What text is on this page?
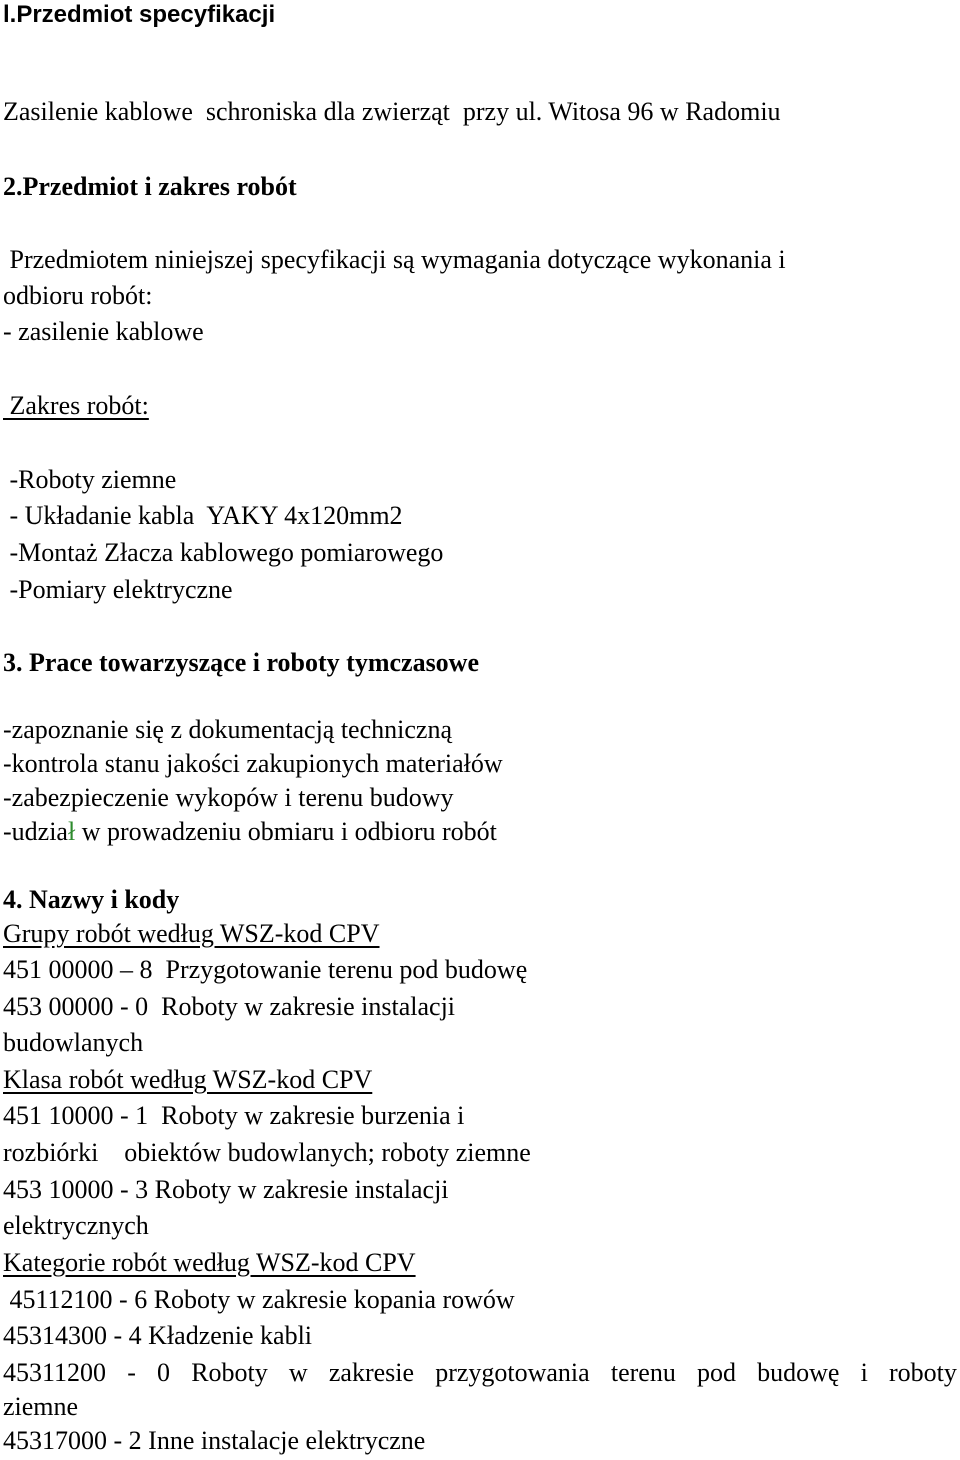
l.Przedmiot specyfikacji
Zasilenie kablowe  schroniska dla zwierząt  przy ul. Witosa 96 w Radomiu
2.Przedmiot i zakres robót
Przedmiotem niniejszej specyfikacji są wymagania dotyczące wykonania i
odbioru robót:
- zasilenie kablowe
Zakres robót:
-Roboty ziemne
- Układanie kabla  YAKY 4x120mm2
-Montaż Złacza kablowego pomiarowego
-Pomiary elektryczne
3. Prace towarzyszące i roboty tymczasowe
-zapoznanie się z dokumentacją techniczną
-kontrola stanu jakości zakupionych materiałów
-zabezpieczenie wykopów i terenu budowy
-udział w prowadzeniu obmiaru i odbioru robót
4. Nazwy i kody
Grupy robót według WSZ-kod CPV
451 00000 – 8  Przygotowanie terenu pod budowę
453 00000 - 0  Roboty w zakresie instalacji
budowlanych
Klasa robót według WSZ-kod CPV
451 10000 - 1  Roboty w zakresie burzenia i
rozbiórki    obiektów budowlanych; roboty ziemne
453 10000 - 3 Roboty w zakresie instalacji
elektrycznych
Kategorie robót według WSZ-kod CPV
45112100 - 6 Roboty w zakresie kopania rowów
45314300 - 4 Kładzenie kabli
45311200 - 0 Roboty w zakresie przygotowania terenu pod budowę i roboty
ziemne
45317000 - 2 Inne instalacje elektryczne
